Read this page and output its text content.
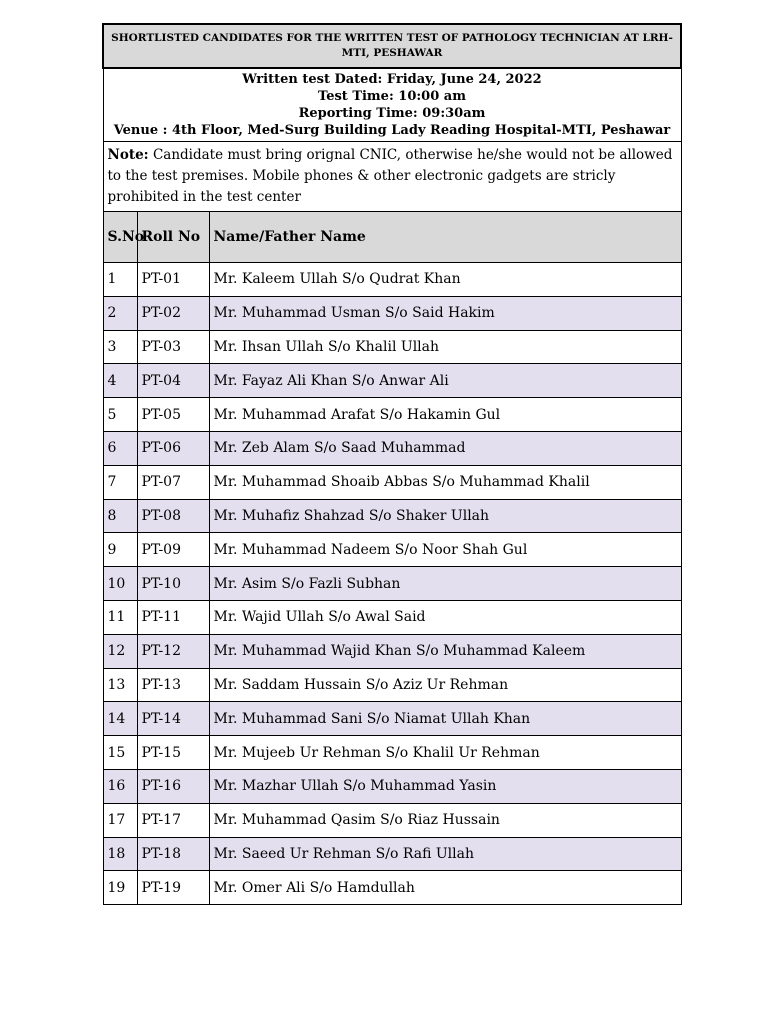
SHORTLISTED CANDIDATES FOR THE WRITTEN TEST OF PATHOLOGY TECHNICIAN AT LRH-MTI, PESHAWAR		

Written test Dated: Friday, June 24, 2022
Test Time: 10:00 am
Reporting Time: 09:30am
Venue : 4th Floor, Med-Surg Building Lady Reading Hospital-MTI, Peshawar		

Note: Candidate must bring orignal CNIC, otherwise he/she would not be allowed to the test premises. Mobile phones & other electronic gadgets are stricly prohibited in the test center		
S.No	Roll No	Name/Father Name
1	PT-01	Mr. Kaleem Ullah S/o Qudrat Khan
2	PT-02	Mr. Muhammad Usman S/o Said Hakim
3	PT-03	Mr. Ihsan Ullah S/o Khalil Ullah
4	PT-04	Mr. Fayaz Ali Khan S/o Anwar Ali
5	PT-05	Mr. Muhammad Arafat S/o Hakamin Gul
6	PT-06	Mr. Zeb Alam S/o Saad Muhammad
7	PT-07	Mr. Muhammad Shoaib Abbas S/o Muhammad Khalil
8	PT-08	Mr. Muhafiz Shahzad S/o Shaker Ullah
9	PT-09	Mr. Muhammad Nadeem S/o Noor Shah Gul
10	PT-10	Mr. Asim S/o Fazli Subhan
11	PT-11	Mr. Wajid Ullah S/o Awal Said
12	PT-12	Mr. Muhammad Wajid Khan S/o Muhammad Kaleem
13	PT-13	Mr. Saddam Hussain S/o Aziz Ur Rehman
14	PT-14	Mr. Muhammad Sani S/o Niamat Ullah Khan
15	PT-15	Mr. Mujeeb Ur Rehman S/o Khalil Ur Rehman
16	PT-16	Mr. Mazhar Ullah S/o Muhammad Yasin
17	PT-17	Mr. Muhammad Qasim S/o Riaz Hussain
18	PT-18	Mr. Saeed Ur Rehman S/o Rafi Ullah
19	PT-19	Mr. Omer Ali S/o Hamdullah
